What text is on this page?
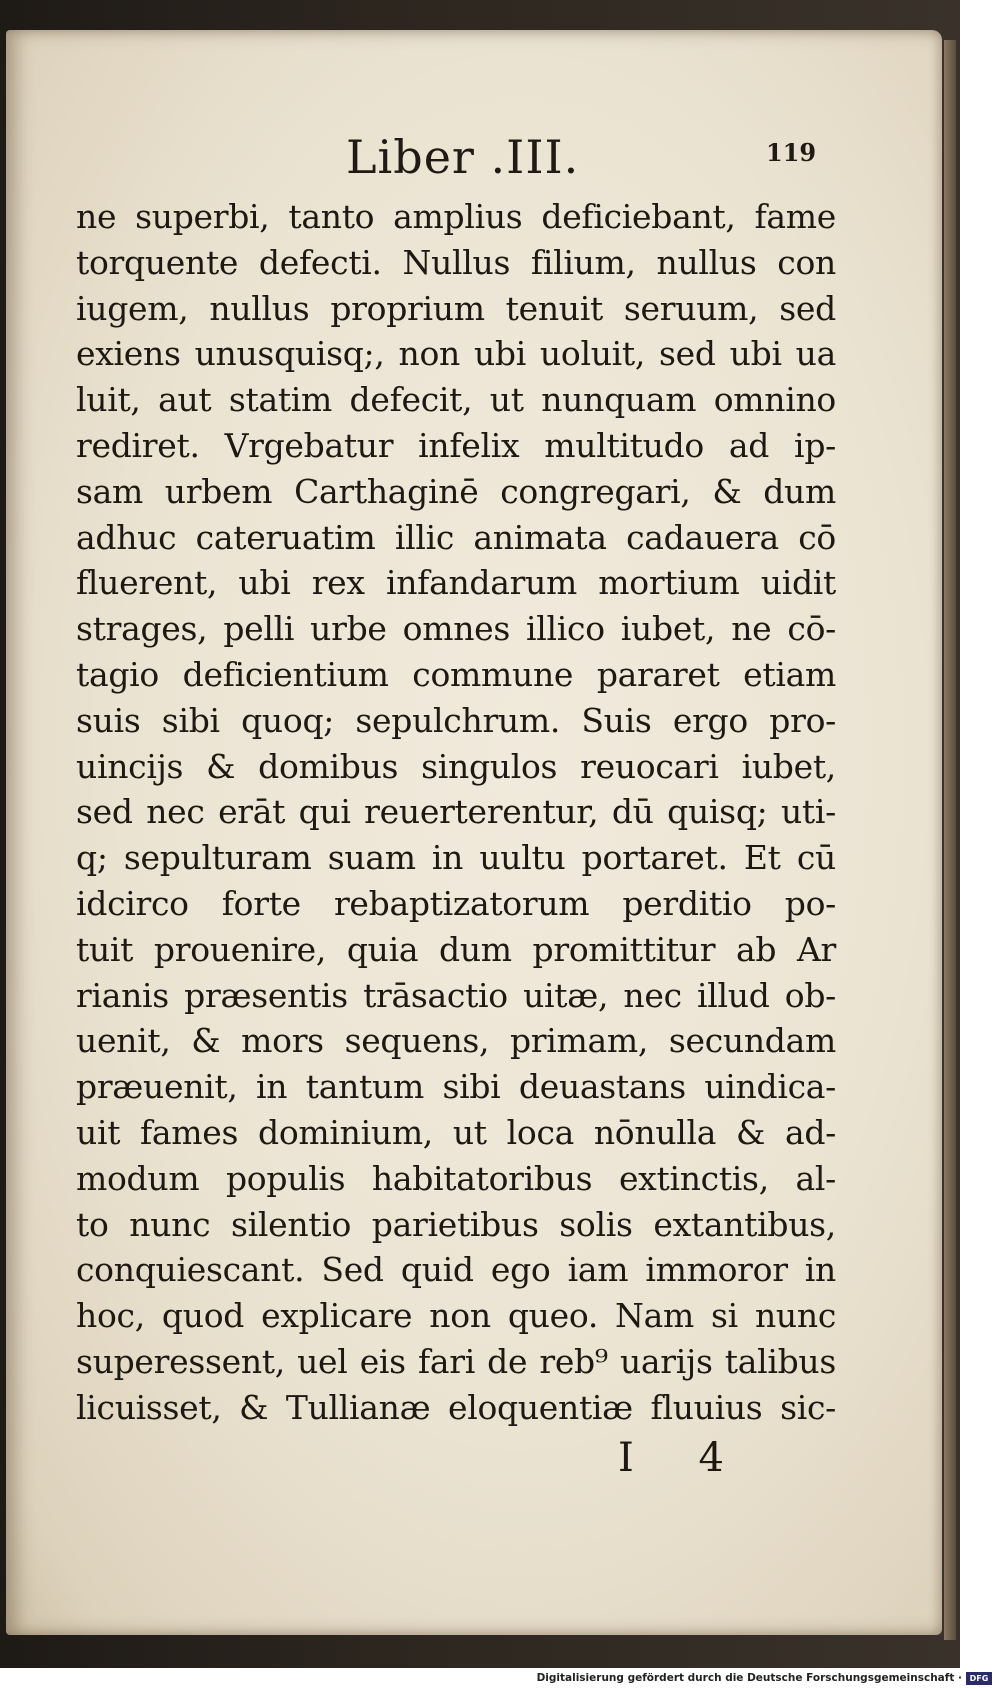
Liber .III.	119
ne superbi, tanto amplius deficiebant, fame
torquente defecti. Nullus filium, nullus con
iugem, nullus proprium tenuit seruum, sed
exiens unusquisq;, non ubi uoluit, sed ubi ua
luit, aut statim defecit, ut nunquam omnino
rediret. Vrgebatur infelix multitudo ad ip-
sam urbem Carthaginē congregari, & dum
adhuc cateruatim illic animata cadauera cō
fluerent, ubi rex infandarum mortium uidit
strages, pelli urbe omnes illico iubet, ne cō-
tagio deficientium commune pararet etiam
suis sibi quoq; sepulchrum. Suis ergo pro-
uincijs & domibus singulos reuocari iubet,
sed nec erāt qui reuerterentur, dū quisq; uti-
q; sepulturam suam in uultu portaret. Et cū
idcirco forte rebaptizatorum perditio po-
tuit prouenire, quia dum promittitur ab Ar
rianis præsentis trāsactio uitæ, nec illud ob-
uenit, & mors sequens, primam, secundam
præuenit, in tantum sibi deuastans uindica-
uit fames dominium, ut loca nōnulla & ad-
modum populis habitatoribus extinctis, al-
to nunc silentio parietibus solis extantibus,
conquiescant. Sed quid ego iam immoror in
hoc, quod explicare non queo. Nam si nunc
superessent, uel eis fari de reb⁹ uarijs talibus
licuisset, & Tullianæ eloquentiæ fluuius sic-
I 4
Digitalisierung gefördert durch die Deutsche Forschungsgemeinschaft · DFG
